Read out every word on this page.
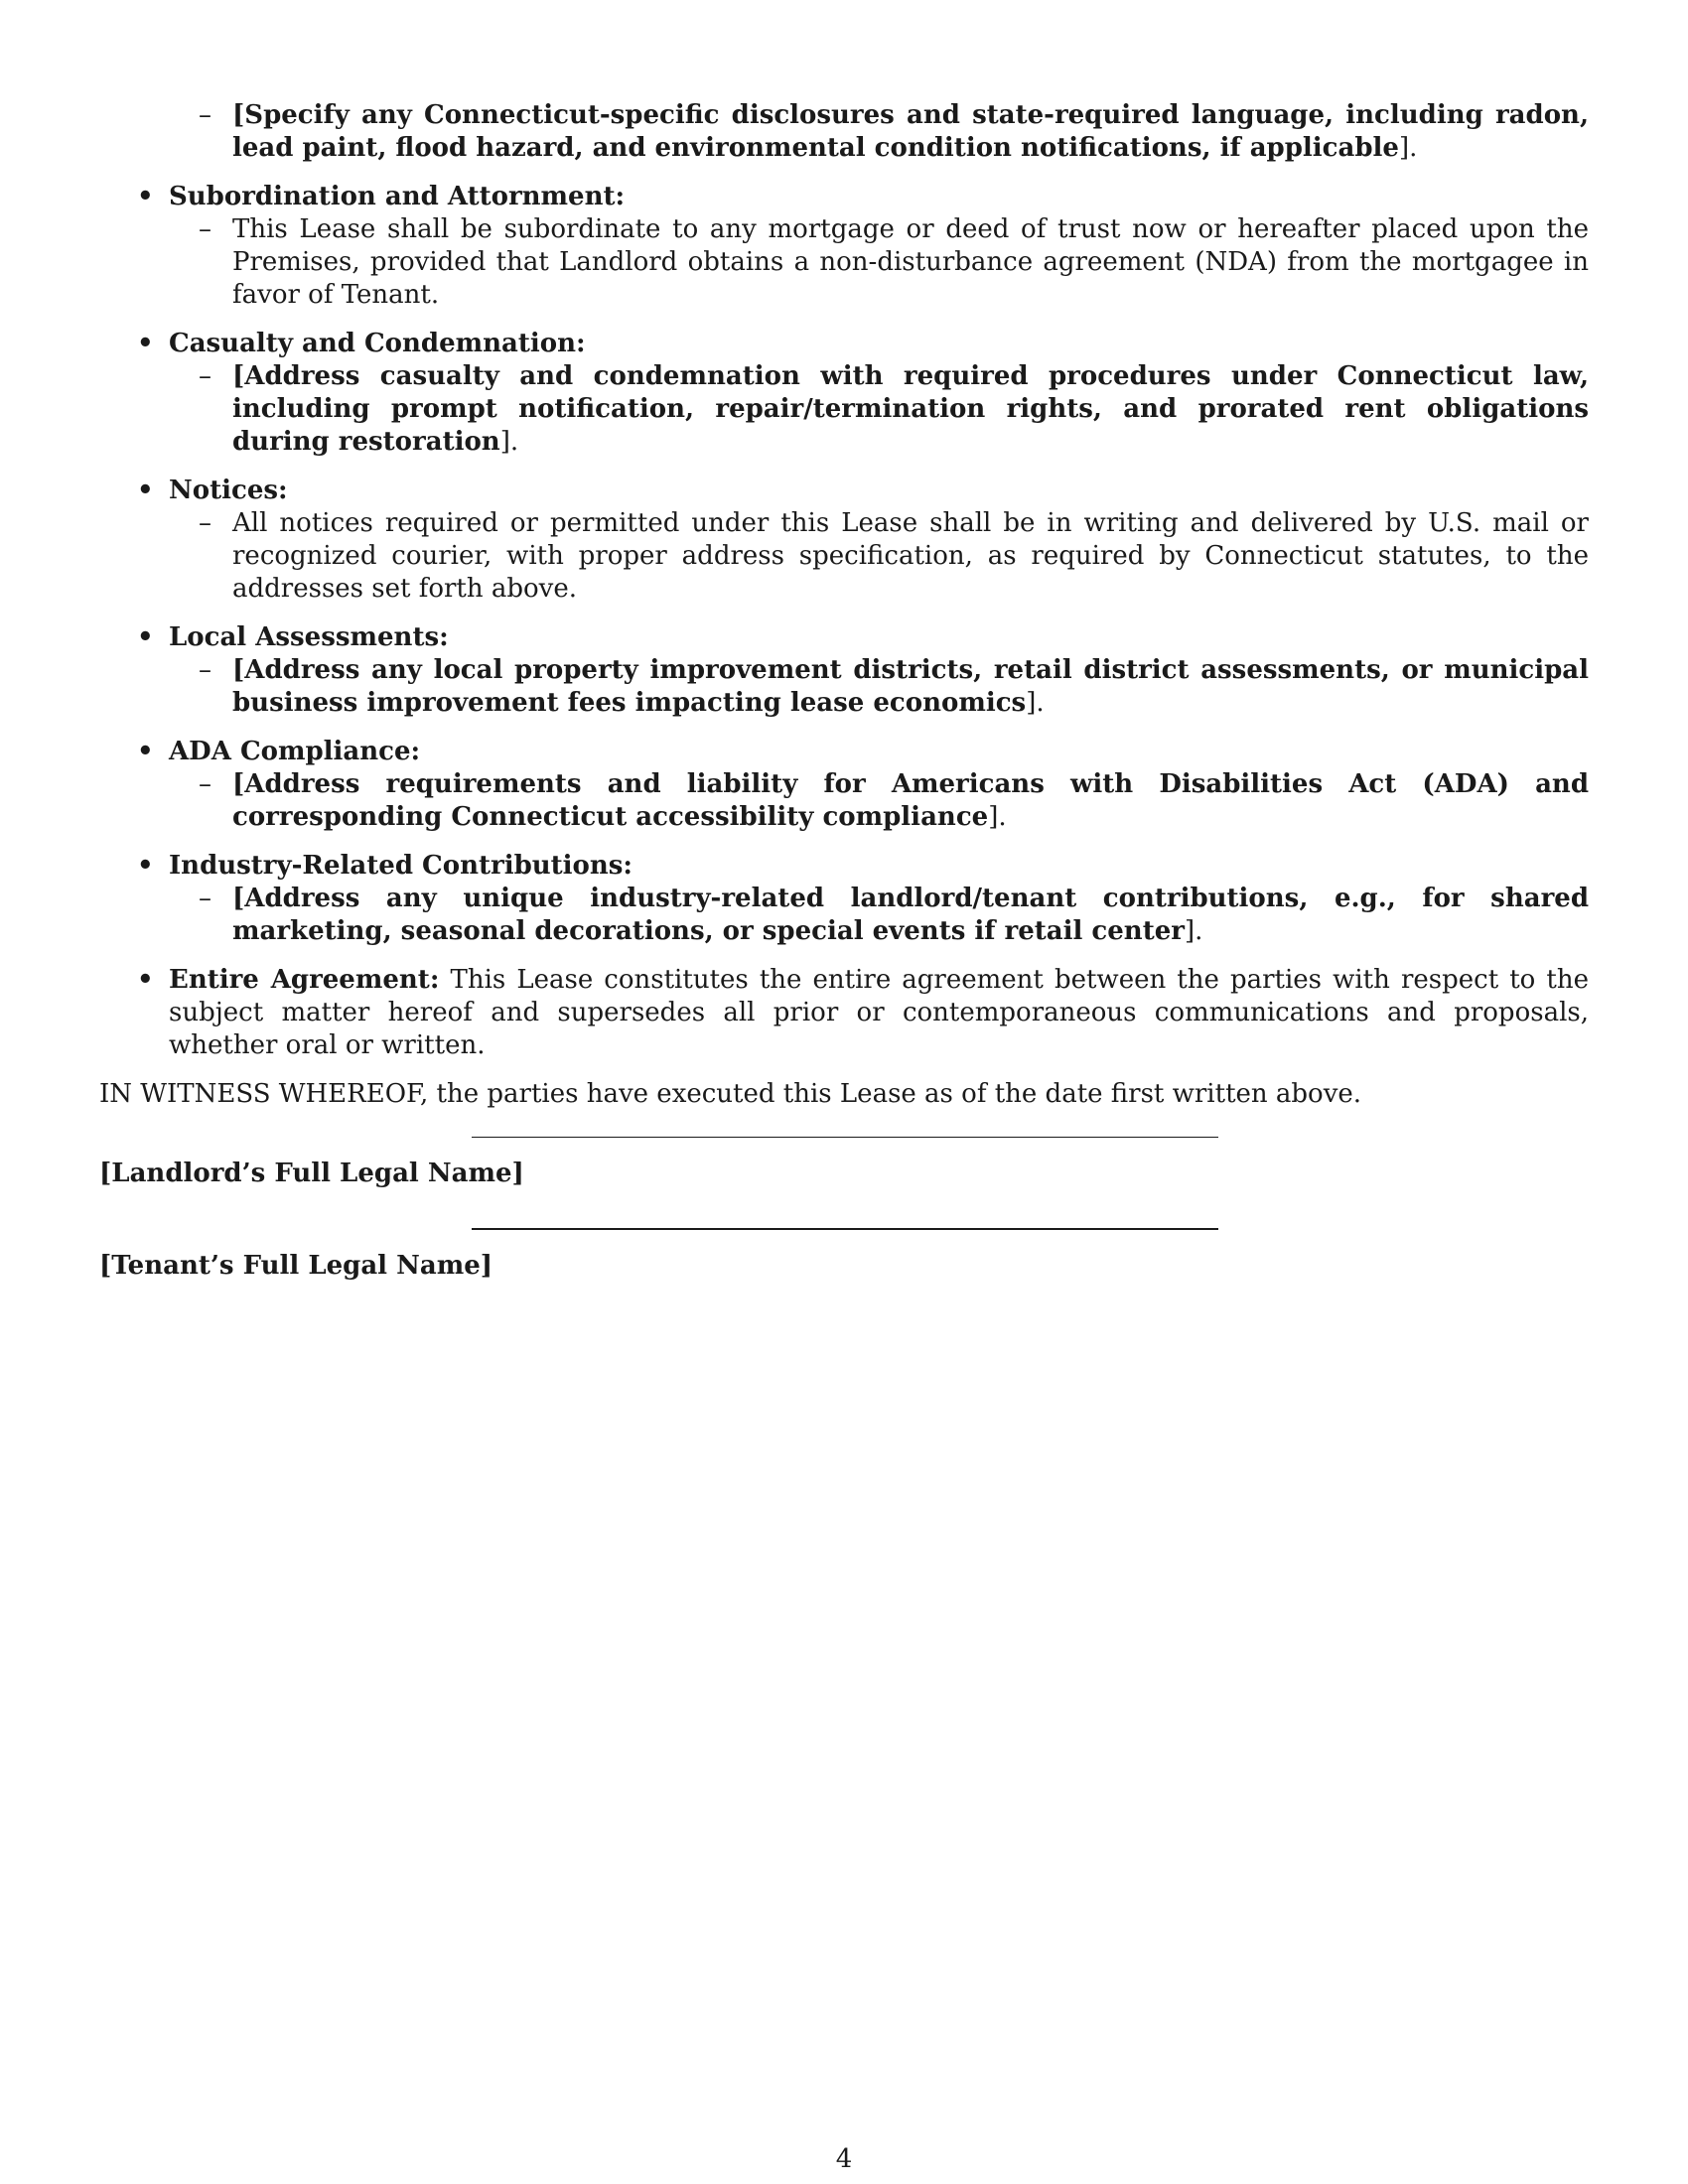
– [Specify any Connecticut-specific disclosures and state-required language, including radon, lead paint, flood hazard, and environmental condition notifications, if applicable].
• Subordination and Attornment:
– This Lease shall be subordinate to any mortgage or deed of trust now or hereafter placed upon the Premises, provided that Landlord obtains a non-disturbance agreement (NDA) from the mortgagee in favor of Tenant.
• Casualty and Condemnation:
– [Address casualty and condemnation with required procedures under Connecticut law, including prompt notification, repair/termination rights, and prorated rent obligations during restoration].
• Notices:
– All notices required or permitted under this Lease shall be in writing and delivered by U.S. mail or recognized courier, with proper address specification, as required by Connecticut statutes, to the addresses set forth above.
• Local Assessments:
– [Address any local property improvement districts, retail district assessments, or municipal business improvement fees impacting lease economics].
• ADA Compliance:
– [Address requirements and liability for Americans with Disabilities Act (ADA) and corresponding Connecticut accessibility compliance].
• Industry-Related Contributions:
– [Address any unique industry-related landlord/tenant contributions, e.g., for shared marketing, seasonal decorations, or special events if retail center].
• Entire Agreement: This Lease constitutes the entire agreement between the parties with respect to the subject matter hereof and supersedes all prior or contemporaneous communications and proposals, whether oral or written.
IN WITNESS WHEREOF, the parties have executed this Lease as of the date first written above.
[Landlord’s Full Legal Name]
[Tenant’s Full Legal Name]
4
